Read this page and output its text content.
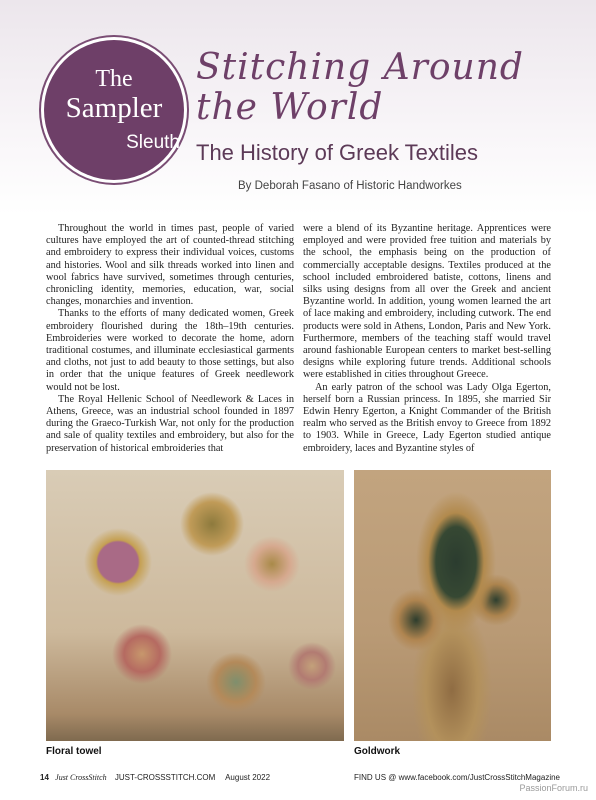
The
Sampler
Sleuth
Stitching Around
the World
The History of Greek Textiles
By Deborah Fasano of Historic Handworkes

Throughout the world in times past, people of varied cultures have employed the art of counted-thread stitching and embroidery to express their individual voices, customs and histories. Wool and silk threads worked into linen and wool fabrics have survived, sometimes through centuries, chronicling identity, memories, education, war, social changes, monarchies and invention.

Thanks to the efforts of many dedicated women, Greek embroidery flourished during the 18th–19th centuries. Embroideries were worked to decorate the home, adorn traditional costumes, and illuminate ecclesiastical garments and cloths, not just to add beauty to those settings, but also in order that the unique features of Greek needlework would not be lost.

The Royal Hellenic School of Needlework & Laces in Athens, Greece, was an industrial school founded in 1897 during the Graeco-Turkish War, not only for the production and sale of quality textiles and embroidery, but also for the preservation of historical embroideries that

were a blend of its Byzantine heritage. Apprentices were employed and were provided free tuition and materials by the school, the emphasis being on the production of commercially acceptable designs. Textiles produced at the school included embroidered batiste, cottons, linens and silks using designs from all over the Greek and ancient Byzantine world. In addition, young women learned the art of lace making and embroidery, including cutwork. The end products were sold in Athens, London, Paris and New York. Furthermore, members of the teaching staff would travel around fashionable European centers to market best-selling designs while exploring future trends. Additional schools were established in cities throughout Greece.

An early patron of the school was Lady Olga Egerton, herself born a Russian princess. In 1895, she married Sir Edwin Henry Egerton, a Knight Commander of the British realm who served as the British envoy to Greece from 1892 to 1903. While in Greece, Lady Egerton studied antique embroidery, laces and Byzantine styles of

Floral towel	Goldwork
14 Just CrossStitch JUST-CROSSSTITCH.COM August 2022	FIND US @ www.facebook.com/JustCrossStitchMagazine
PassionForum.ru
